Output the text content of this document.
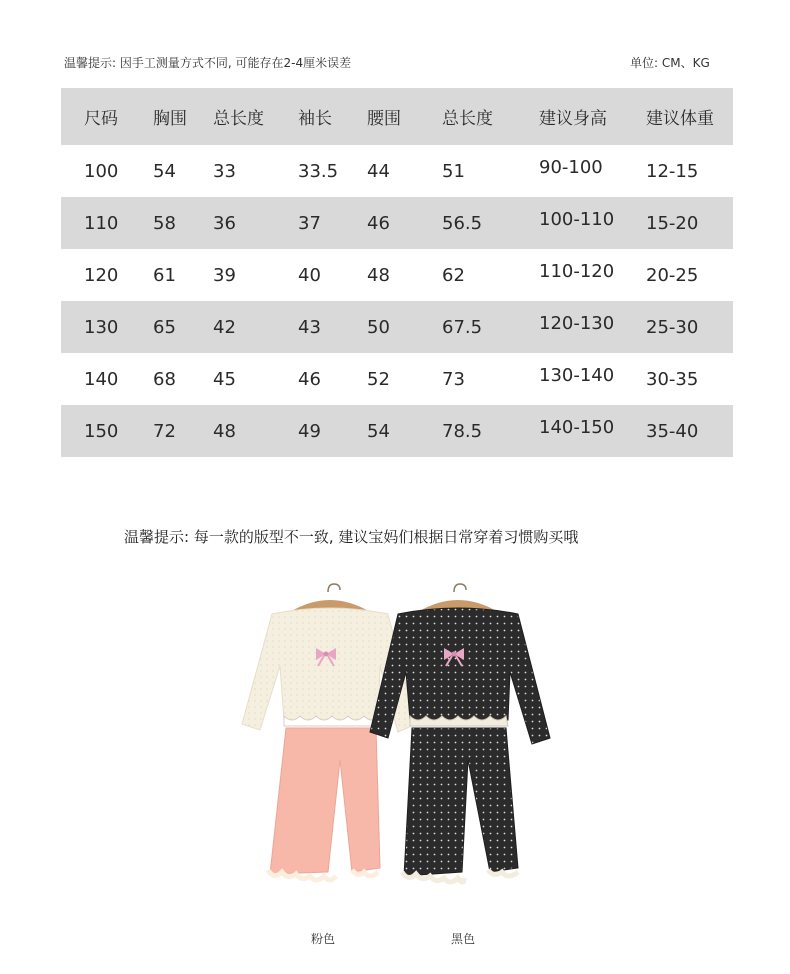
温馨提示: 因手工测量方式不同, 可能存在2-4厘米误差	单位: CM、KG
尺码 胸围 总长度 袖长 腰围 总长度	建议身高 建议体重
100 54 33	33.5 44	51	90-100 12-15
110 58 36	37	46	56.5	100-110 15-20
120 61 39	40	48	62	110-120 20-25
130 65 42	43	50	67.5	120-130 25-30
140 68 45	46	52	73	130-140 30-35
150 72 48	49	54	78.5	140-150 35-40
温馨提示: 每一款的版型不一致, 建议宝妈们根据日常穿着习惯购买哦
粉色	黑色
